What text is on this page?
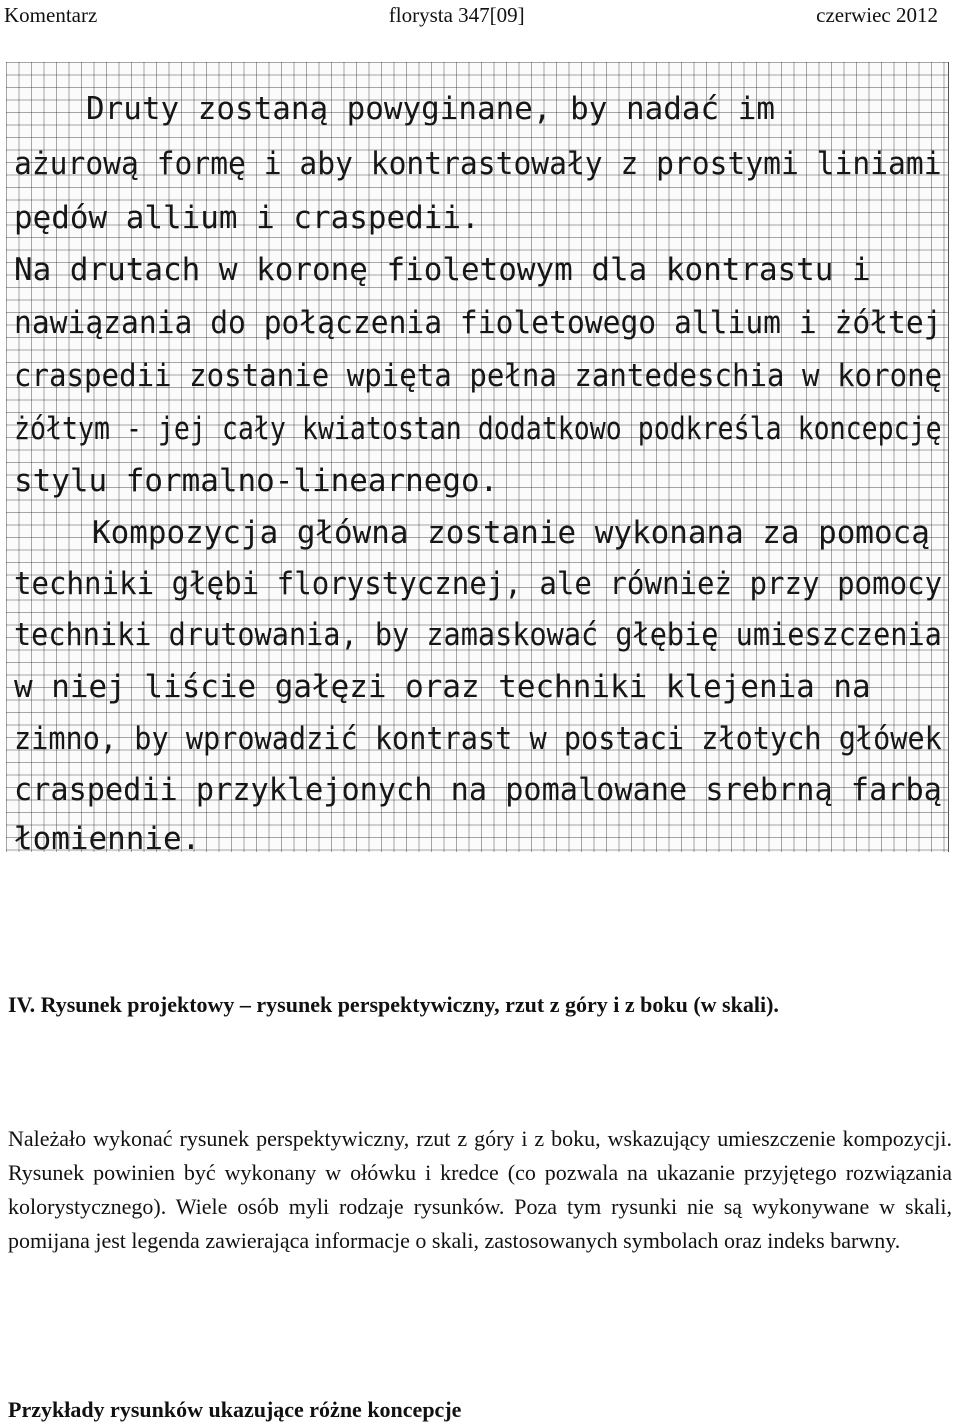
Komentarz	florysta 347[09]	czerwiec 2012
Druty zostaną powyginane, by nadać im
ażurową formę i aby kontrastowały z prostymi liniami
pędów allium i craspedii.
Na drutach w koronę fioletowym dla kontrastu i
nawiązania do połączenia fioletowego allium i żółtej
craspedii zostanie wpięta pełna zantedeschia w koronę
żółtym - jej cały kwiatostan dodatkowo podkreśla koncepcję
stylu formalno-linearnego.
Kompozycja główna zostanie wykonana za pomocą
techniki głębi florystycznej, ale również przy pomocy
techniki drutowania, by zamaskować głębię umieszczenia
w niej liście gałęzi oraz techniki klejenia na
zimno, by wprowadzić kontrast w postaci złotych główek
craspedii przyklejonych na pomalowane srebrną farbą
łomiennie.
IV. Rysunek projektowy – rysunek perspektywiczny, rzut z góry i z boku (w skali).
Należało wykonać rysunek perspektywiczny, rzut z góry i z boku, wskazujący umieszczenie kompozycji. Rysunek powinien być wykonany w ołówku i kredce (co pozwala na ukazanie przyjętego rozwiązania kolorystycznego). Wiele osób myli rodzaje rysunków. Poza tym rysunki nie są wykonywane w skali, pomijana jest legenda zawierająca informacje o skali, zastosowanych symbolach oraz indeks barwny.
Przykłady rysunków ukazujące różne koncepcje
